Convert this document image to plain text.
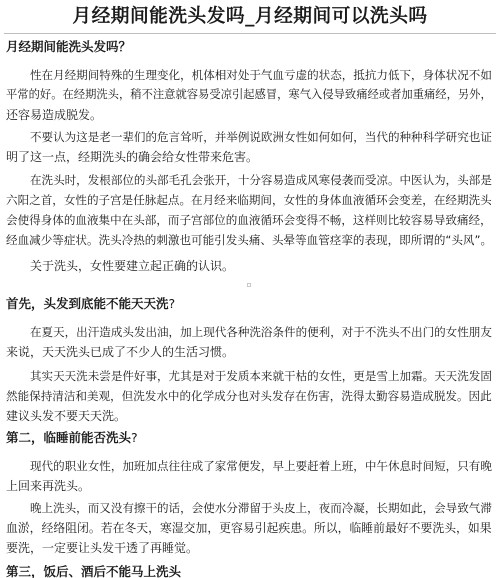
月经期间能洗头发吗_月经期间可以洗头吗
月经期间能洗头发吗？
性在月经期间特殊的生理变化，机体相对处于气血亏虚的状态，抵抗力低下，身体状况不如
平常的好。在经期洗头，稍不注意就容易受凉引起感冒，寒气入侵导致痛经或者加重痛经，另外，
还容易造成脱发。
不要认为这是老一辈们的危言耸听，并举例说欧洲女性如何如何，当代的种种科学研究也证
明了这一点，经期洗头的确会给女性带来危害。
在洗头时，发根部位的头部毛孔会张开，十分容易造成风寒侵袭而受凉。中医认为，头部是
六阳之首，女性的子宫是任脉起点。在月经来临期间，女性的身体血液循环会变差，在经期洗头
会使得身体的血液集中在头部，而子宫部位的血液循环会变得不畅，这样则比较容易导致痛经，
经血减少等症状。洗头冷热的刺激也可能引发头痛、头晕等血管痉挛的表现，即所谓的“头风”。
关于洗头，女性要建立起正确的认识。
首先，头发到底能不能天天洗?
在夏天，出汗造成头发出油，加上现代各种洗浴条件的便利，对于不洗头不出门的女性朋友
来说，天天洗头已成了不少人的生活习惯。
其实天天洗未尝是件好事，尤其是对于发质本来就干枯的女性，更是雪上加霜。天天洗发固
然能保持清洁和美观，但洗发水中的化学成分也对头发存在伤害，洗得太勤容易造成脱发。因此
建议头发不要天天洗。
第二，临睡前能否洗头?
现代的职业女性，加班加点往往成了家常便发，早上要赶着上班，中午休息时间短，只有晚
上回来再洗头。
晚上洗头，而又没有擦干的话，会使水分滞留于头皮上，夜而冷凝，长期如此，会导致气滞
血淤，经络阻闭。若在冬天，寒湿交加，更容易引起疾患。所以，临睡前最好不要洗头，如果
要洗，一定要让头发干透了再睡觉。
第三，饭后、酒后不能马上洗头
